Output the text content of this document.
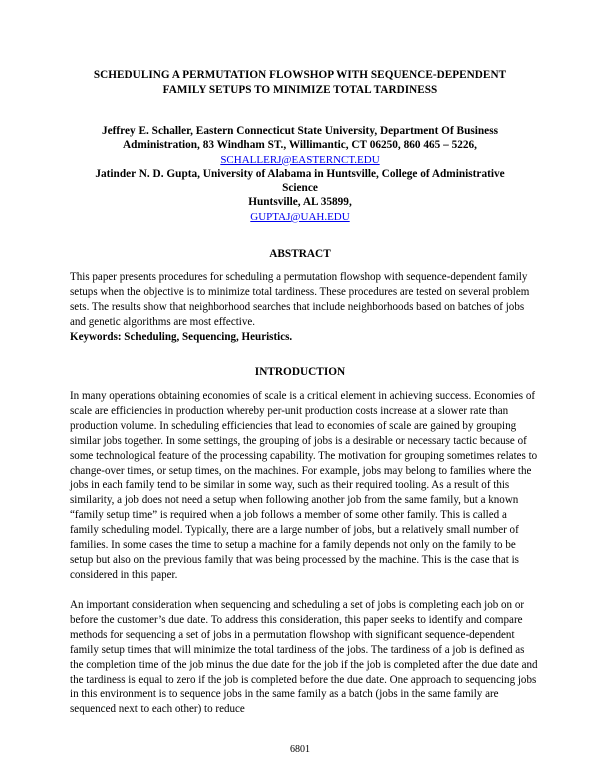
SCHEDULING A PERMUTATION FLOWSHOP WITH SEQUENCE-DEPENDENT
FAMILY SETUPS TO MINIMIZE TOTAL TARDINESS
Jeffrey E. Schaller, Eastern Connecticut State University, Department Of Business
Administration, 83 Windham ST., Willimantic, CT 06250, 860 465 – 5226,
SCHALLERJ@EASTERNCT.EDU
Jatinder N. D. Gupta, University of Alabama in Huntsville, College of Administrative
Science
Huntsville, AL 35899,
GUPTAJ@UAH.EDU
ABSTRACT
This paper presents procedures for scheduling a permutation flowshop with sequence-dependent family setups when the objective is to minimize total tardiness. These procedures are tested on several problem sets. The results show that neighborhood searches that include neighborhoods based on batches of jobs and genetic algorithms are most effective.
Keywords: Scheduling, Sequencing, Heuristics.
INTRODUCTION

In many operations obtaining economies of scale is a critical element in achieving success. Economies of scale are efficiencies in production whereby per-unit production costs increase at a slower rate than production volume. In scheduling efficiencies that lead to economies of scale are gained by grouping similar jobs together. In some settings, the grouping of jobs is a desirable or necessary tactic because of some technological feature of the processing capability. The motivation for grouping sometimes relates to change-over times, or setup times, on the machines. For example, jobs may belong to families where the jobs in each family tend to be similar in some way, such as their required tooling. As a result of this similarity, a job does not need a setup when following another job from the same family, but a known “family setup time” is required when a job follows a member of some other family. This is called a family scheduling model. Typically, there are a large number of jobs, but a relatively small number of families. In some cases the time to setup a machine for a family depends not only on the family to be setup but also on the previous family that was being processed by the machine. This is the case that is considered in this paper.

An important consideration when sequencing and scheduling a set of jobs is completing each job on or before the customer’s due date. To address this consideration, this paper seeks to identify and compare methods for sequencing a set of jobs in a permutation flowshop with significant sequence-dependent family setup times that will minimize the total tardiness of the jobs. The tardiness of a job is defined as the completion time of the job minus the due date for the job if the job is completed after the due date and the tardiness is equal to zero if the job is completed before the due date. One approach to sequencing jobs in this environment is to sequence jobs in the same family as a batch (jobs in the same family are sequenced next to each other) to reduce

6801
